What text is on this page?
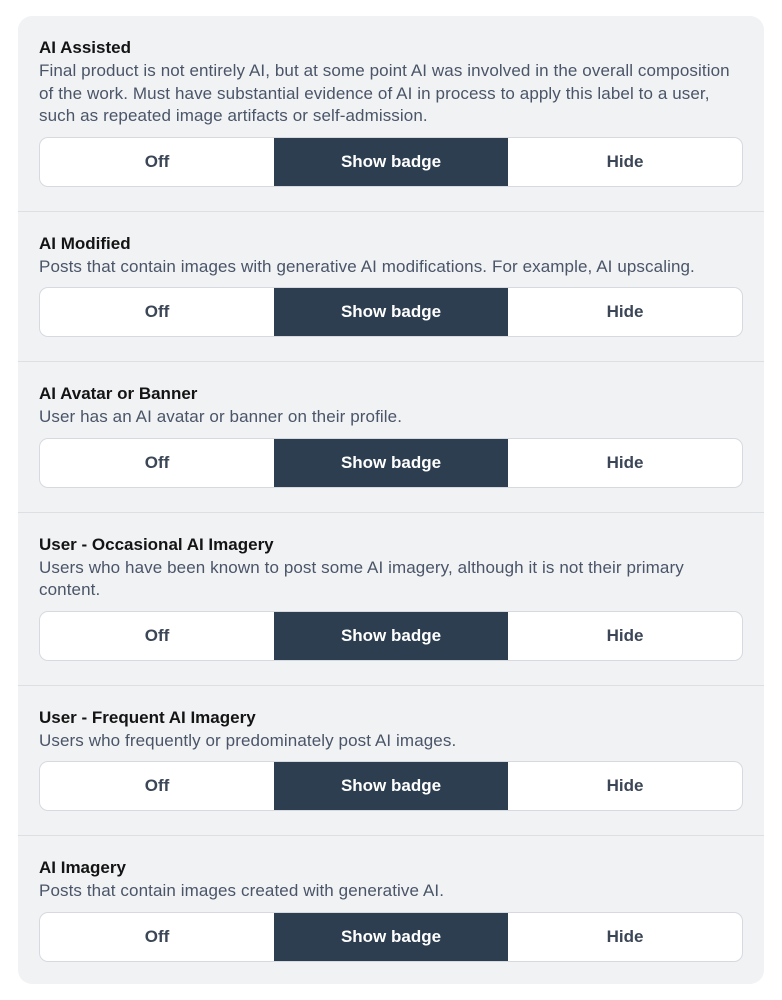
AI Assisted
Final product is not entirely AI, but at some point AI was involved in the overall composition of the work. Must have substantial evidence of AI in process to apply this label to a user, such as repeated image artifacts or self-admission.
Off	Show badge	Hide
AI Modified
Posts that contain images with generative AI modifications. For example, AI upscaling.
Off	Show badge	Hide
AI Avatar or Banner
User has an AI avatar or banner on their profile.
Off	Show badge	Hide
User - Occasional AI Imagery
Users who have been known to post some AI imagery, although it is not their primary content.
Off	Show badge	Hide
User - Frequent AI Imagery
Users who frequently or predominately post AI images.
Off	Show badge	Hide
AI Imagery
Posts that contain images created with generative AI.
Off	Show badge	Hide
